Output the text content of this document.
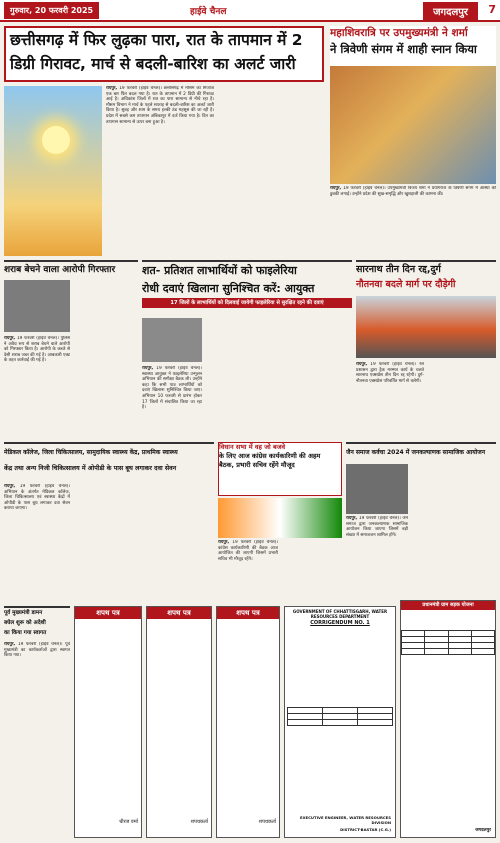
गुरुवार, 20 फरवरी 2025	हाईवे चैनल	जगदलपुर	7
छत्तीसगढ़ में फिर लुढ़का पारा, रात के तापमान में 2
डिग्री गिरावट, मार्च से बदली-बारिश का अलर्ट जारी

रायपुर, 19 फरवरी (हाईवे चैनल)। छत्तीसगढ़ में मौसम का मिजाज एक बार फिर बदल गया है। रात के तापमान में 2 डिग्री की गिरावट आई है। अधिकांश जिलों में रात का पारा सामान्य से नीचे रहा है। मौसम विभाग ने मार्च के पहले सप्ताह से बदली-बारिश का अलर्ट जारी किया है। सुबह और शाम के समय हल्की ठंड महसूस की जा रही है। प्रदेश में सबसे कम तापमान अंबिकापुर में दर्ज किया गया है। दिन का तापमान सामान्य से ऊपर बना हुआ है।

महाशिवरात्रि पर उपमुख्यमंत्री ने शर्मा
ने त्रिवेणी संगम में शाही स्नान किया

रायपुर, 19 फरवरी (हाईवे चैनल)। उपमुख्यमंत्री विजय शर्मा ने प्रयागराज के त्रिवेणी संगम में आस्था की डुबकी लगाई। उन्होंने प्रदेश की सुख-समृद्धि और खुशहाली की कामना की।

शराब बेचने वाला आरोपी गिरफ्तार

रायपुर, 19 फरवरी (हाईवे चैनल)। पुलिस ने अवैध रूप से शराब बेचने वाले आरोपी को गिरफ्तार किया है। आरोपी के कब्जे से देसी शराब जब्त की गई है। आबकारी एक्ट के तहत कार्रवाई की गई है।

शत- प्रतिशत लाभार्थियों को फाइलेरिया
रोधी दवाएं खिलाना सुनिश्चित करें: आयुक्त
17 जिलों के लाभार्थियों को दिलवाई जायेगी फाइलेरिया से सुरक्षित रहने की दवाएं

रायपुर, 19 फरवरी (हाईवे चैनल)। स्वास्थ्य आयुक्त ने फाइलेरिया उन्मूलन अभियान की समीक्षा बैठक ली। उन्होंने कहा कि सभी पात्र लाभार्थियों को दवाएं खिलाना सुनिश्चित किया जाए। अभियान 10 फरवरी से प्रारंभ होकर 17 जिलों में संचालित किया जा रहा है।

सारनाथ तीन दिन रद्द,दुर्ग
नौतनवा बदले मार्ग पर दौड़ेगी

रायपुर, 19 फरवरी (हाईवे चैनल)। रेल प्रशासन द्वारा ट्रैक मरम्मत कार्य के चलते सारनाथ एक्सप्रेस तीन दिन रद्द रहेगी। दुर्ग-नौतनवा एक्सप्रेस परिवर्तित मार्ग से चलेगी।

मेडिकल कॉलेज, जिला चिकित्सालय, सामुदायिक स्वास्थ्य केंद्र, प्राथमिक स्वास्थ्य
केंद्र तथा अन्य निजी चिकित्सालय में ओपीडी के पास बूथ लगाकर दवा सेवन

रायपुर, 19 फरवरी (हाईवे चैनल)। अभियान के अंतर्गत मेडिकल कॉलेज, जिला चिकित्सालय एवं स्वास्थ्य केंद्रों में ओपीडी के पास बूथ लगाकर दवा सेवन कराया जाएगा।

विधान सभा में वह जो बजवे
के लिए आज कांग्रेस कार्यकारिणी की अहम
बैठक, प्रभारी सचिव रहेंगे मौजूद

रायपुर, 19 फरवरी (हाईवे चैनल)। कांग्रेस कार्यकारिणी की बैठक आज आयोजित की जाएगी जिसमें प्रभारी सचिव भी मौजूद रहेंगे।

जैन समाज कर्वचा 2024 में जनकल्याणक सामाजिक आयोजन

रायपुर, 19 फरवरी (हाईवे चैनल)। जैन समाज द्वारा जनकल्याणक सामाजिक आयोजन किया जाएगा जिसमें बड़ी संख्या में समाजजन शामिल होंगे।

पूर्व मुख्यमंत्री डामन
बघेल शुरू को अदेशी
का किया गया स्वागत

रायपुर, 19 फरवरी (हाईवे चैनल)। पूर्व मुख्यमंत्री का कार्यकर्ताओं द्वारा स्वागत किया गया।

शपथ पत्र
धीरज वर्मा
शपथ पत्र
शपथकर्ता
शपथ पत्र
शपथकर्ता
GOVERNMENT OF CHHATTISGARH, WATER RESOURCES DEPARTMENT
CORRIGENDUM NO. 1

EXECUTIVE ENGINEER, WATER RESOURCES DIVISION
DISTRICT-BASTAR (C.G.)
प्रधानमंत्री ग्राम सड़क योजना

जगदलपुर
